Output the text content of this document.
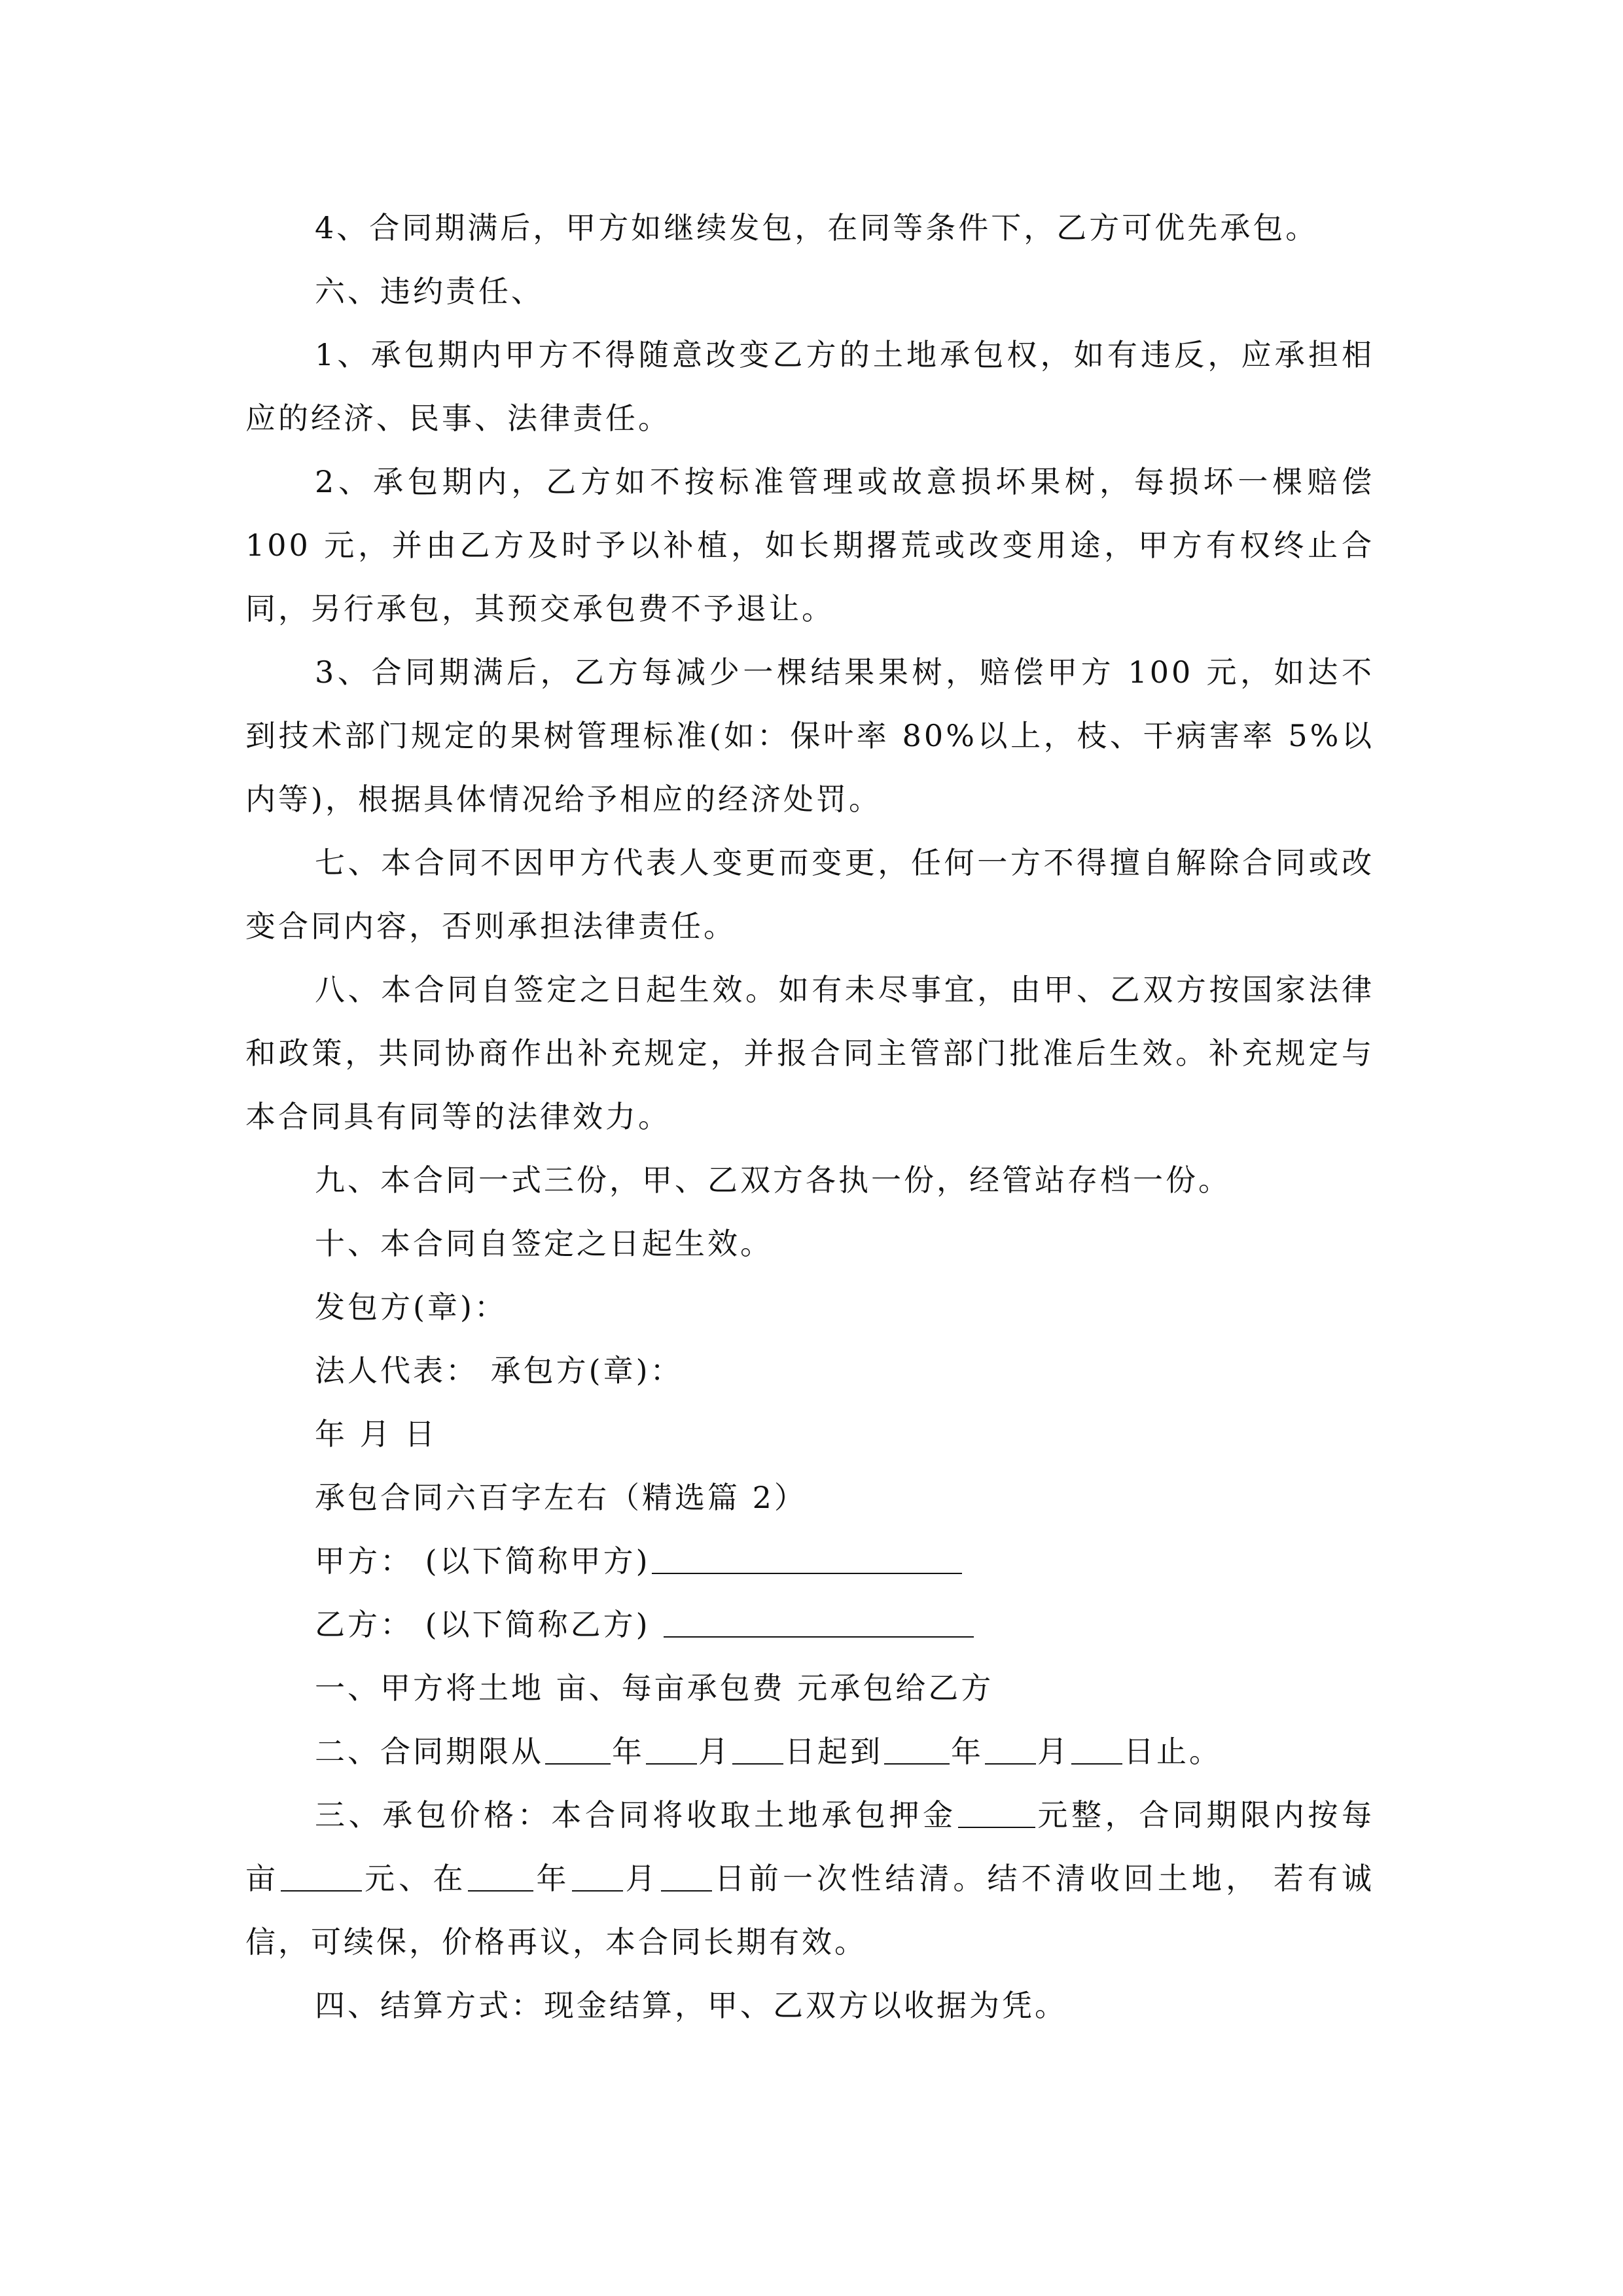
4、合同期满后，甲方如继续发包，在同等条件下，乙方可优先承包。

六、违约责任、

1、承包期内甲方不得随意改变乙方的土地承包权，如有违反，应承担相应的经济、民事、法律责任。

2、承包期内，乙方如不按标准管理或故意损坏果树，每损坏一棵赔偿 100 元，并由乙方及时予以补植，如长期撂荒或改变用途，甲方有权终止合同，另行承包，其预交承包费不予退让。

3、合同期满后，乙方每减少一棵结果果树，赔偿甲方 100 元，如达不到技术部门规定的果树管理标准(如：保叶率 80%以上，枝、干病害率 5%以内等)，根据具体情况给予相应的经济处罚。

七、本合同不因甲方代表人变更而变更，任何一方不得擅自解除合同或改变合同内容，否则承担法律责任。

八、本合同自签定之日起生效。如有未尽事宜，由甲、乙双方按国家法律和政策，共同协商作出补充规定，并报合同主管部门批准后生效。补充规定与本合同具有同等的法律效力。

九、本合同一式三份，甲、乙双方各执一份，经管站存档一份。

十、本合同自签定之日起生效。

发包方(章)：

法人代表： 承包方(章)：

年 月 日

承包合同六百字左右（精选篇 2）

甲方： (以下简称甲方)

乙方： (以下简称乙方)

一、甲方将土地 亩、每亩承包费 元承包给乙方

二、合同期限从 年 月 日起到 年 月 日止。

三、承包价格：本合同将收取土地承包押金	元整，合同期限内按每亩	元、在 年 月 日前一次性结清。结不清收回土地， 若有诚信，可续保，价格再议，本合同长期有效。

四、结算方式：现金结算，甲、乙双方以收据为凭。
